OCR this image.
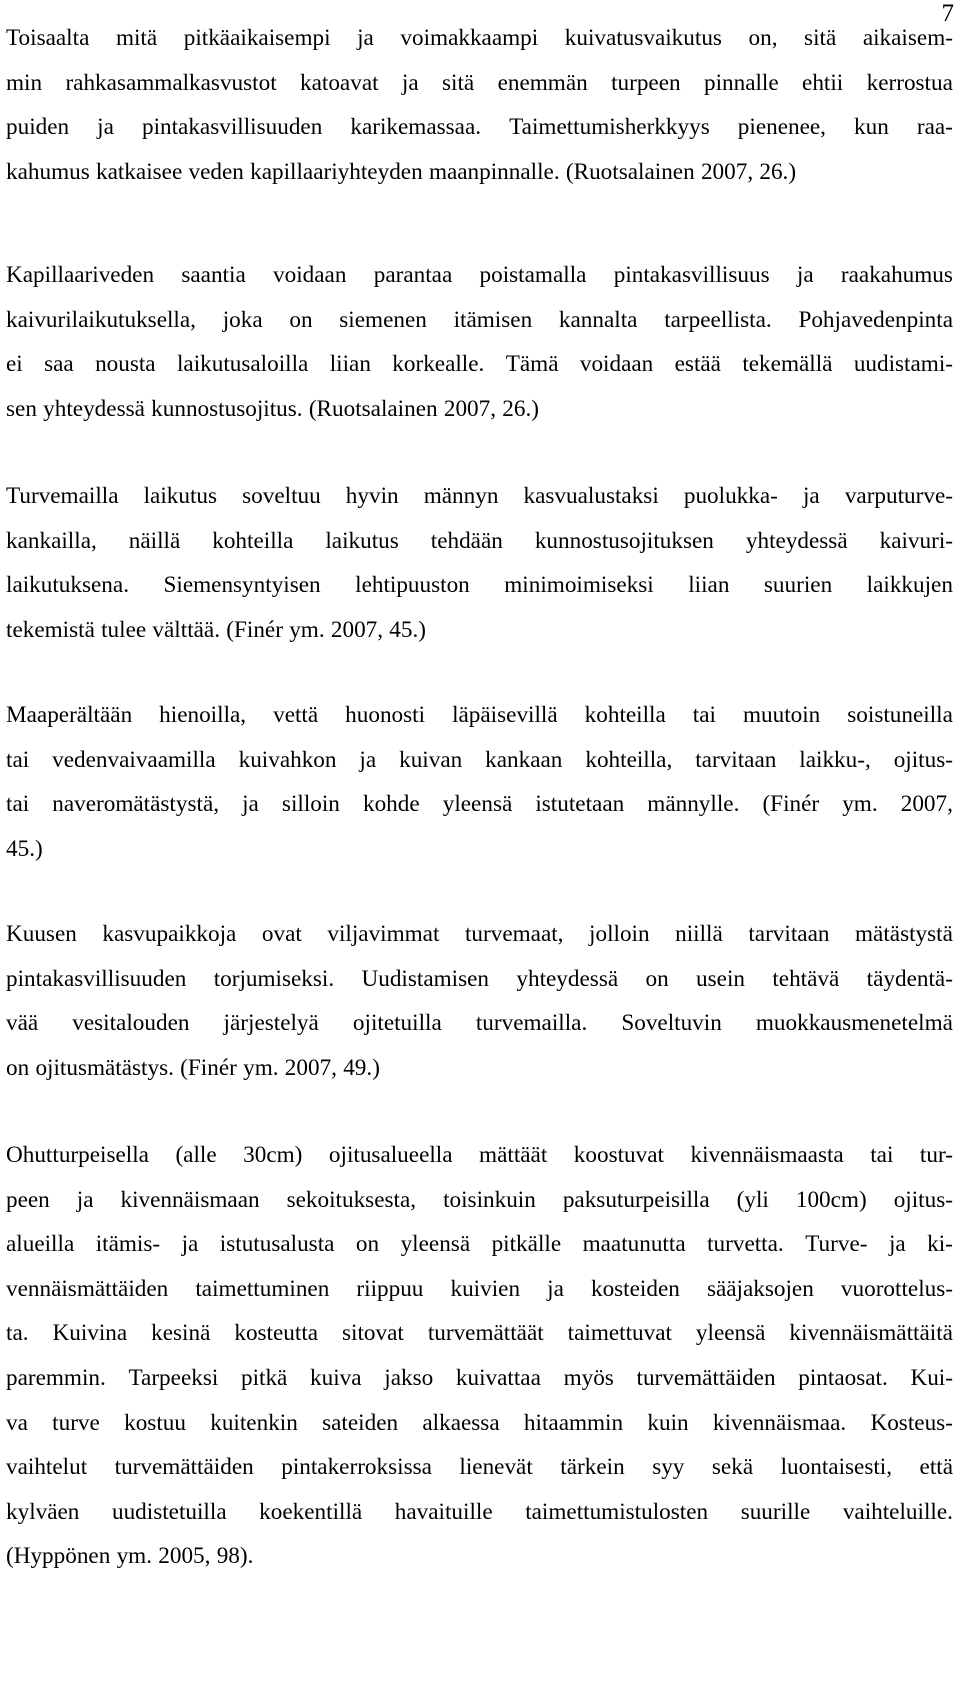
7
Toisaalta mitä pitkäaikaisempi ja voimakkaampi kuivatusvaikutus on, sitä aikaisem-
min rahkasammalkasvustot katoavat ja sitä enemmän turpeen pinnalle ehtii kerrostua
puiden ja pintakasvillisuuden karikemassaa. Taimettumisherkkyys pienenee, kun raa-
kahumus katkaisee veden kapillaariyhteyden maanpinnalle. (Ruotsalainen 2007, 26.)
Kapillaariveden saantia voidaan parantaa poistamalla pintakasvillisuus ja raakahumus
kaivurilaikutuksella, joka on siemenen itämisen kannalta tarpeellista. Pohjavedenpinta
ei saa nousta laikutusaloilla liian korkealle. Tämä voidaan estää tekemällä uudistami-
sen yhteydessä kunnostusojitus. (Ruotsalainen 2007, 26.)
Turvemailla laikutus soveltuu hyvin männyn kasvualustaksi puolukka- ja varputurve-
kankailla, näillä kohteilla laikutus tehdään kunnostusojituksen yhteydessä kaivuri-
laikutuksena. Siemensyntyisen lehtipuuston minimoimiseksi liian suurien laikkujen
tekemistä tulee välttää. (Finér ym. 2007, 45.)
Maaperältään hienoilla, vettä huonosti läpäisevillä kohteilla tai muutoin soistuneilla
tai vedenvaivaamilla kuivahkon ja kuivan kankaan kohteilla, tarvitaan laikku-, ojitus-
tai naveromätästystä, ja silloin kohde yleensä istutetaan männylle. (Finér ym. 2007,
45.)
Kuusen kasvupaikkoja ovat viljavimmat turvemaat, jolloin niillä tarvitaan mätästystä
pintakasvillisuuden torjumiseksi. Uudistamisen yhteydessä on usein tehtävä täydentä-
vää vesitalouden järjestelyä ojitetuilla turvemailla. Soveltuvin muokkausmenetelmä
on ojitusmätästys. (Finér ym. 2007, 49.)
Ohutturpeisella (alle 30cm) ojitusalueella mättäät koostuvat kivennäismaasta tai tur-
peen ja kivennäismaan sekoituksesta, toisinkuin paksuturpeisilla (yli 100cm) ojitus-
alueilla itämis- ja istutusalusta on yleensä pitkälle maatunutta turvetta. Turve- ja ki-
vennäismättäiden taimettuminen riippuu kuivien ja kosteiden sääjaksojen vuorottelus-
ta. Kuivina kesinä kosteutta sitovat turvemättäät taimettuvat yleensä kivennäismättäitä
paremmin. Tarpeeksi pitkä kuiva jakso kuivattaa myös turvemättäiden pintaosat. Kui-
va turve kostuu kuitenkin sateiden alkaessa hitaammin kuin kivennäismaa. Kosteus-
vaihtelut turvemättäiden pintakerroksissa lienevät tärkein syy sekä luontaisesti, että
kylväen uudistetuilla koekentillä havaituille taimettumistulosten suurille vaihteluille.
(Hyppönen ym. 2005, 98).
